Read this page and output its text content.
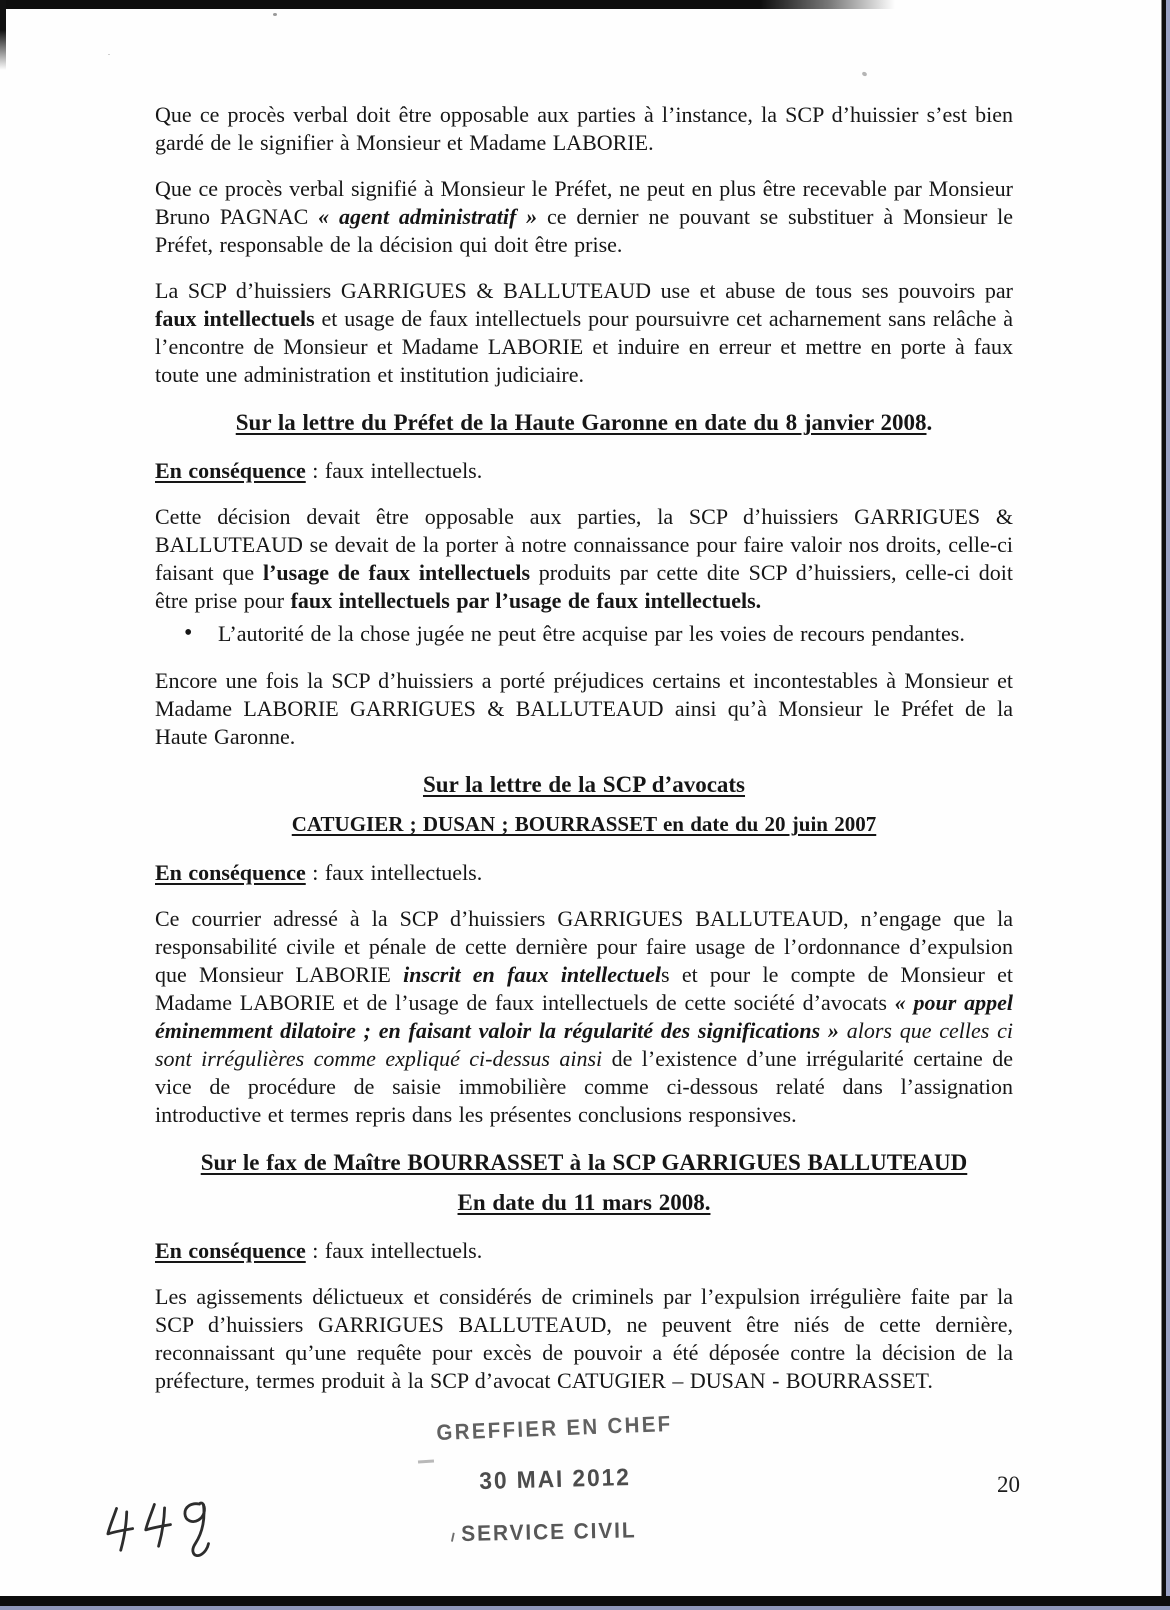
Que ce procès verbal doit être opposable aux parties à l’instance, la SCP d’huissier s’est bien gardé de le signifier à Monsieur et Madame LABORIE.
Que ce procès verbal signifié à Monsieur le Préfet, ne peut en plus être recevable par Monsieur Bruno PAGNAC « agent administratif » ce dernier ne pouvant se substituer à Monsieur le Préfet, responsable de la décision qui doit être prise.
La SCP d’huissiers GARRIGUES & BALLUTEAUD use et abuse de tous ses pouvoirs par faux intellectuels et usage de faux intellectuels pour poursuivre cet acharnement sans relâche à l’encontre de Monsieur et Madame LABORIE et induire en erreur et mettre en porte à faux toute une administration et institution judiciaire.
Sur la lettre du Préfet de la Haute Garonne en date du 8 janvier 2008.
En conséquence : faux intellectuels.
Cette décision devait être opposable aux parties, la SCP d’huissiers GARRIGUES & BALLUTEAUD se devait de la porter à notre connaissance pour faire valoir nos droits, celle-ci faisant que l’usage de faux intellectuels produits par cette dite SCP d’huissiers, celle-ci doit être prise pour faux intellectuels par l’usage de faux intellectuels.
• L’autorité de la chose jugée ne peut être acquise par les voies de recours pendantes.
Encore une fois la SCP d’huissiers a porté préjudices certains et incontestables à Monsieur et Madame LABORIE GARRIGUES & BALLUTEAUD ainsi qu’à Monsieur le Préfet de la Haute Garonne.
Sur la lettre de la SCP d’avocats
CATUGIER ; DUSAN ; BOURRASSET en date du 20 juin 2007
En conséquence : faux intellectuels.
Ce courrier adressé à la SCP d’huissiers GARRIGUES BALLUTEAUD, n’engage que la responsabilité civile et pénale de cette dernière pour faire usage de l’ordonnance d’expulsion que Monsieur LABORIE inscrit en faux intellectuels et pour le compte de Monsieur et Madame LABORIE et de l’usage de faux intellectuels de cette société d’avocats « pour appel éminemment dilatoire ; en faisant valoir la régularité des significations » alors que celles ci sont irrégulières comme expliqué ci-dessus ainsi de l’existence d’une irrégularité certaine de vice de procédure de saisie immobilière comme ci-dessous relaté dans l’assignation introductive et termes repris dans les présentes conclusions responsives.
Sur le fax de Maître BOURRASSET à la SCP GARRIGUES BALLUTEAUD
En date du 11 mars 2008.
En conséquence : faux intellectuels.
Les agissements délictueux et considérés de criminels par l’expulsion irrégulière faite par la SCP d’huissiers GARRIGUES BALLUTEAUD, ne peuvent être niés de cette dernière, reconnaissant qu’une requête pour excès de pouvoir a été déposée contre la décision de la préfecture, termes produit à la SCP d’avocat CATUGIER – DUSAN - BOURRASSET.
GREFFIER EN CHEF
30 MAI 2012
SERVICE CIVIL
20
